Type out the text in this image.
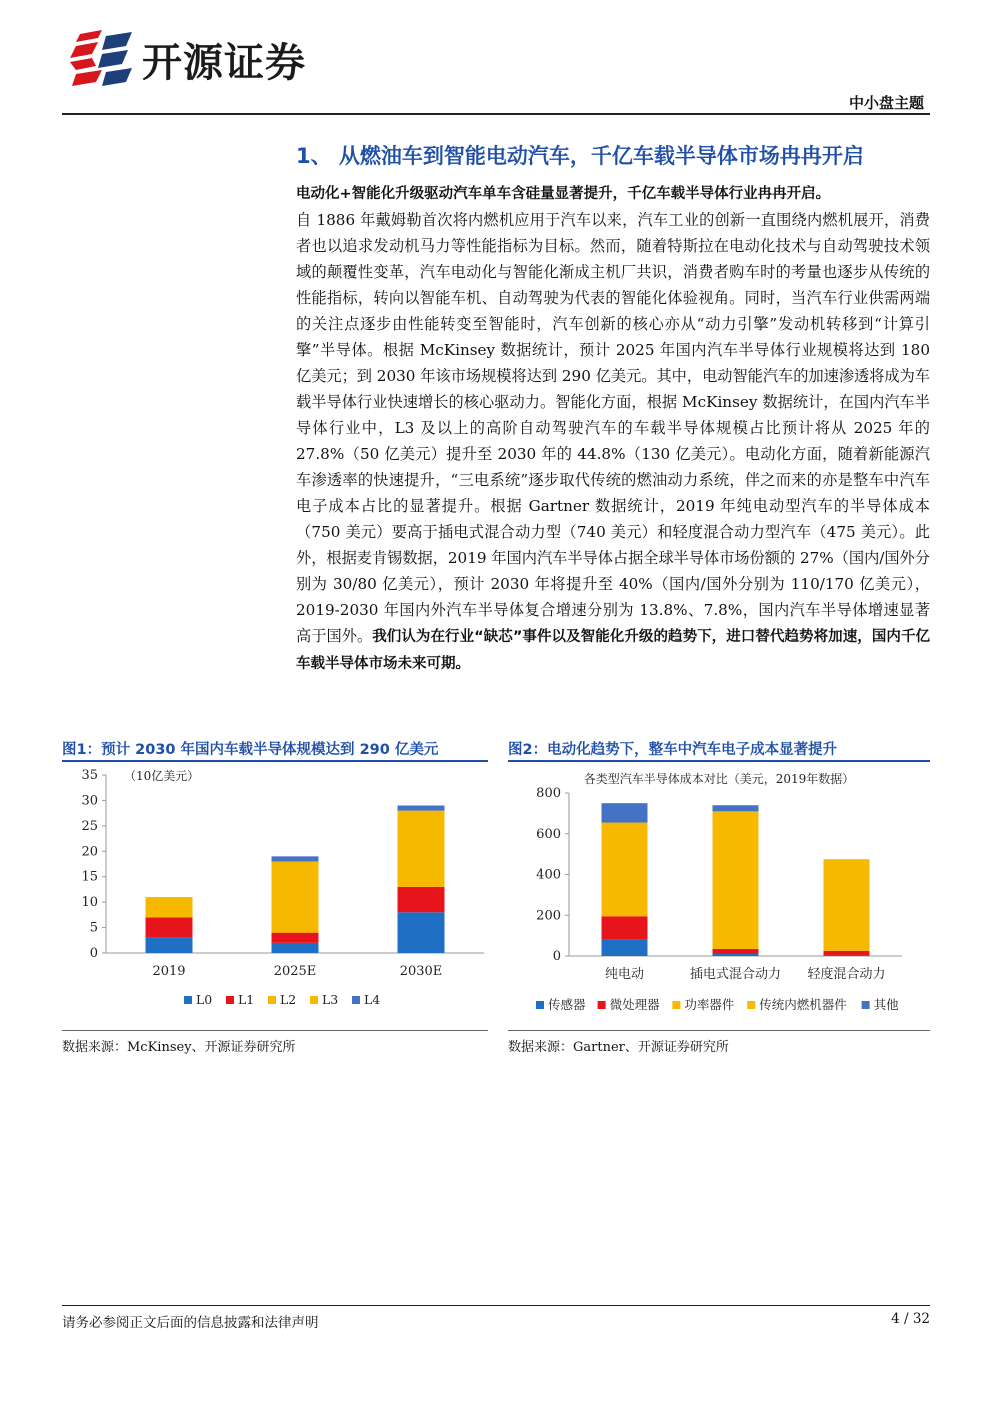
开源证券
中小盘主题
1、 从燃油车到智能电动汽车，千亿车载半导体市场冉冉开启
电动化+智能化升级驱动汽车单车含硅量显著提升，千亿车载半导体行业冉冉开启。
自 1886 年戴姆勒首次将内燃机应用于汽车以来，汽车工业的创新一直围绕内燃机展开，消费者也以追求发动机马力等性能指标为目标。然而，随着特斯拉在电动化技术与自动驾驶技术领域的颠覆性变革，汽车电动化与智能化渐成主机厂共识，消费者购车时的考量也逐步从传统的性能指标，转向以智能车机、自动驾驶为代表的智能化体验视角。同时，当汽车行业供需两端的关注点逐步由性能转变至智能时，汽车创新的核心亦从“动力引擎”发动机转移到“计算引擎”半导体。根据 McKinsey 数据统计，预计 2025 年国内汽车半导体行业规模将达到 180 亿美元；到 2030 年该市场规模将达到 290 亿美元。其中，电动智能汽车的加速渗透将成为车载半导体行业快速增长的核心驱动力。智能化方面，根据 McKinsey 数据统计，在国内汽车半导体行业中，L3 及以上的高阶自动驾驶汽车的车载半导体规模占比预计将从 2025 年的 27.8%（50 亿美元）提升至 2030 年的 44.8%（130 亿美元）。电动化方面，随着新能源汽车渗透率的快速提升，“三电系统”逐步取代传统的燃油动力系统，伴之而来的亦是整车中汽车电子成本占比的显著提升。根据 Gartner 数据统计，2019 年纯电动型汽车的半导体成本（750 美元）要高于插电式混合动力型（740 美元）和轻度混合动力型汽车（475 美元）。此外，根据麦肯锡数据，2019 年国内汽车半导体占据全球半导体市场份额的 27%（国内/国外分别为 30/80 亿美元），预计 2030 年将提升至 40%（国内/国外分别为 110/170 亿美元），2019-2030 年国内外汽车半导体复合增速分别为 13.8%、7.8%，国内汽车半导体增速显著高于国外。我们认为在行业“缺芯”事件以及智能化升级的趋势下，进口替代趋势将加速，国内千亿车载半导体市场未来可期。
图1：预计 2030 年国内车载半导体规模达到 290 亿美元
0
5
10
15
20
25
30
35
2019	2025E	2030E
L0 L1 L2 L3 L4
（10亿美元）
数据来源：McKinsey、开源证券研究所
图2：电动化趋势下，整车中汽车电子成本显著提升
0
200
400
600
800
纯电动	插电式混合动力 轻度混合动力
传感器 微处理器 功率器件 传统内燃机器件 其他
各类型汽车半导体成本对比（美元，2019年数据）
数据来源：Gartner、开源证券研究所
请务必参阅正文后面的信息披露和法律声明	4 / 32
